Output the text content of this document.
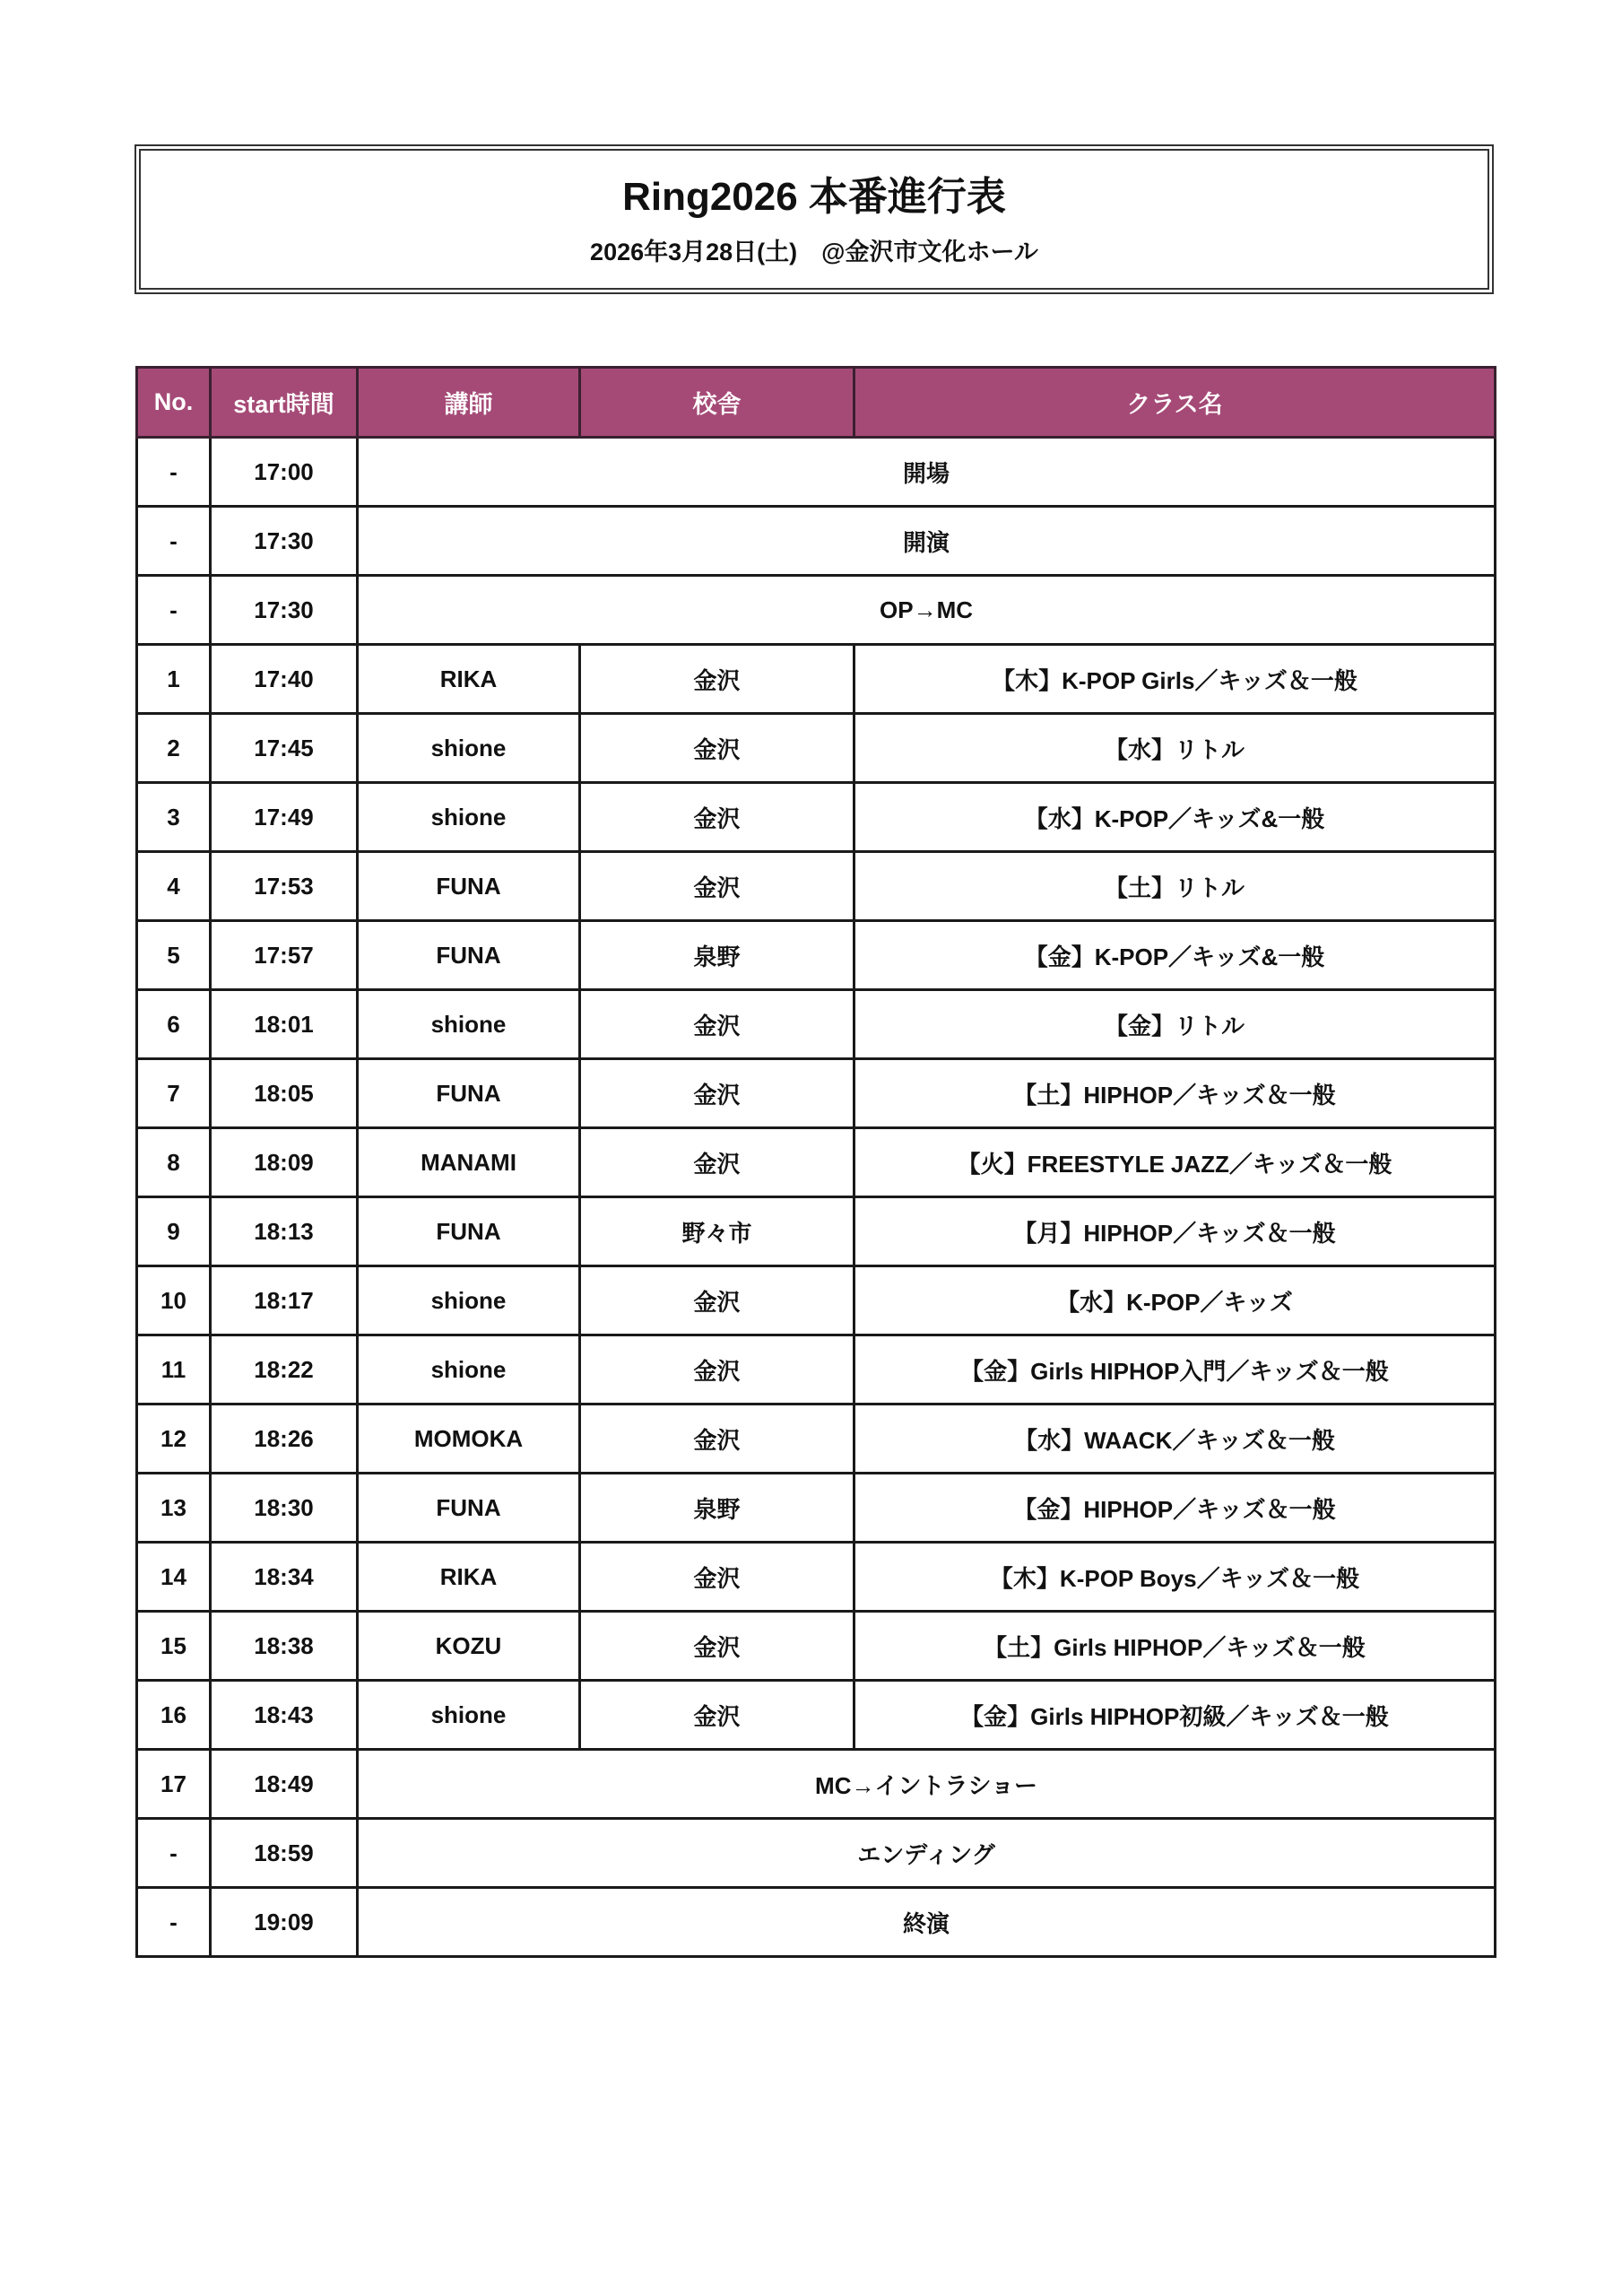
Ring2026 本番進行表
2026年3月28日(土)　@金沢市文化ホール
No.	start時間	講師	校舎	クラス名
-	17:00	開場		
-	17:30	開演		
-	17:30	OP→MC		
1	17:40	RIKA	金沢	【木】K-POP Girls／キッズ＆一般
2	17:45	shione	金沢	【水】リトル
3	17:49	shione	金沢	【水】K-POP／キッズ&一般
4	17:53	FUNA	金沢	【土】リトル
5	17:57	FUNA	泉野	【金】K-POP／キッズ&一般
6	18:01	shione	金沢	【金】リトル
7	18:05	FUNA	金沢	【土】HIPHOP／キッズ＆一般
8	18:09	MANAMI	金沢	【火】FREESTYLE JAZZ／キッズ＆一般
9	18:13	FUNA	野々市	【月】HIPHOP／キッズ＆一般
10	18:17	shione	金沢	【水】K-POP／キッズ
11	18:22	shione	金沢	【金】Girls HIPHOP入門／キッズ＆一般
12	18:26	MOMOKA	金沢	【水】WAACK／キッズ＆一般
13	18:30	FUNA	泉野	【金】HIPHOP／キッズ＆一般
14	18:34	RIKA	金沢	【木】K-POP Boys／キッズ＆一般
15	18:38	KOZU	金沢	【土】Girls HIPHOP／キッズ＆一般
16	18:43	shione	金沢	【金】Girls HIPHOP初級／キッズ＆一般
17	18:49	MC→イントラショー		
-	18:59	エンディング		
-	19:09	終演		
